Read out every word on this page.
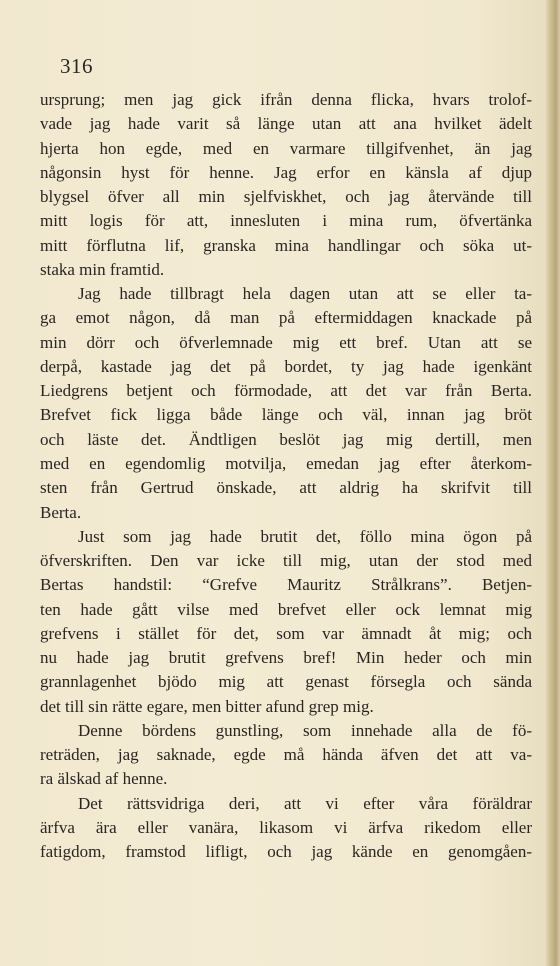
316
ursprung; men jag gick ifrån denna flicka, hvars trolof-
vade jag hade varit så länge utan att ana hvilket ädelt
hjerta hon egde, med en varmare tillgifvenhet, än jag
någonsin hyst för henne. Jag erfor en känsla af djup
blygsel öfver all min sjelfviskhet, och jag återvände till
mitt logis för att, innesluten i mina rum, öfvertänka
mitt förflutna lif, granska mina handlingar och söka ut-
staka min framtid.
Jag hade tillbragt hela dagen utan att se eller ta-
ga emot någon, då man på eftermiddagen knackade på
min dörr och öfverlemnade mig ett bref. Utan att se
derpå, kastade jag det på bordet, ty jag hade igenkänt
Liedgrens betjent och förmodade, att det var från Berta.
Brefvet fick ligga både länge och väl, innan jag bröt
och läste det. Ändtligen beslöt jag mig dertill, men
med en egendomlig motvilja, emedan jag efter återkom-
sten från Gertrud önskade, att aldrig ha skrifvit till
Berta.
Just som jag hade brutit det, föllo mina ögon på
öfverskriften. Den var icke till mig, utan der stod med
Bertas handstil: “Grefve Mauritz Strålkrans”. Betjen-
ten hade gått vilse med brefvet eller ock lemnat mig
grefvens i stället för det, som var ämnadt åt mig; och
nu hade jag brutit grefvens bref! Min heder och min
grannlagenhet bjödo mig att genast försegla och sända
det till sin rätte egare, men bitter afund grep mig.
Denne bördens gunstling, som innehade alla de fö-
reträden, jag saknade, egde må hända äfven det att va-
ra älskad af henne.
Det rättsvidriga deri, att vi efter våra föräldrar
ärfva ära eller vanära, likasom vi ärfva rikedom eller
fatigdom, framstod lifligt, och jag kände en genomgåen-
